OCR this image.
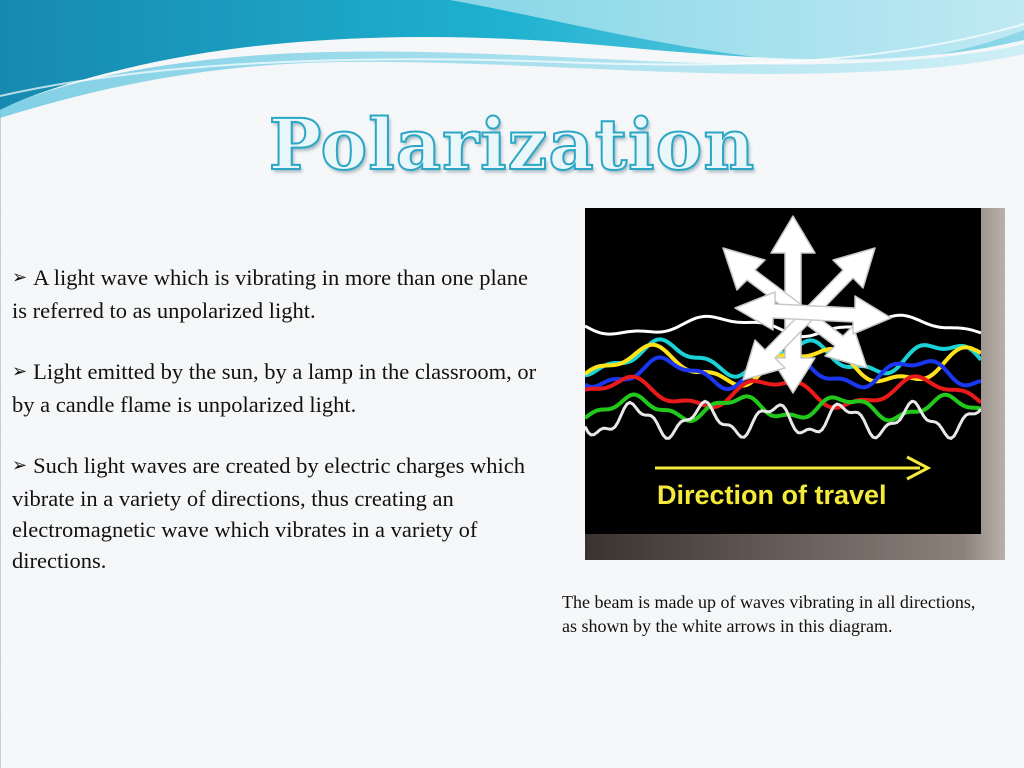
Polarization

➢ A light wave which is vibrating in more than one plane is referred to as unpolarized light.

➢ Light emitted by the sun, by a lamp in the classroom, or by a candle flame is unpolarized light.

➢ Such light waves are created by electric charges which vibrate in a variety of directions, thus creating an electromagnetic wave which vibrates in a variety of directions.

Direction of travel
The beam is made up of waves vibrating in all directions, as shown by the white arrows in this diagram.
